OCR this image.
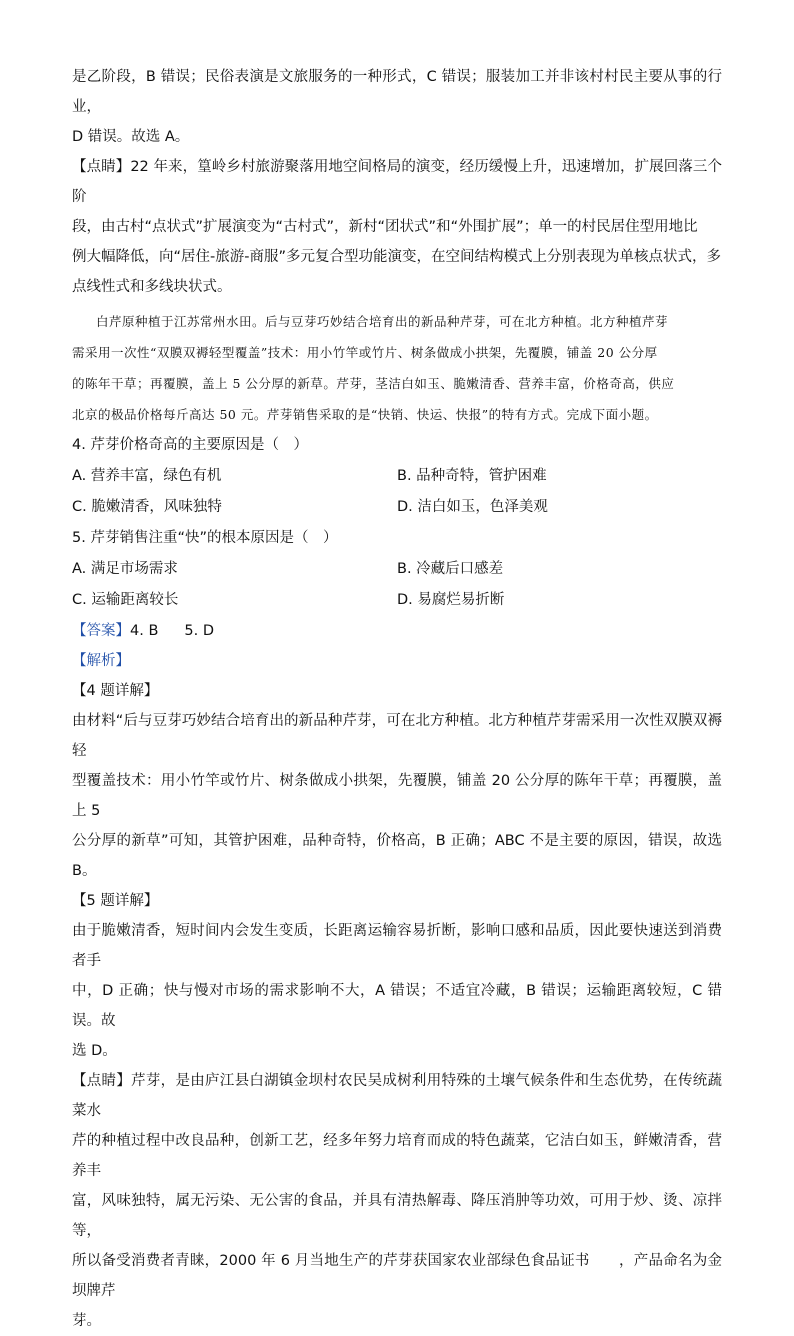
是乙阶段，B 错误；民俗表演是文旅服务的一种形式，C 错误；服装加工并非该村村民主要从事的行业，

D 错误。故选 A。

【点睛】22 年来，篁岭乡村旅游聚落用地空间格局的演变，经历缓慢上升，迅速增加，扩展回落三个阶

段，由古村“点状式”扩展演变为“古村式”，新村“团状式”和“外围扩展”；单一的村民居住型用地比

例大幅降低，向“居住-旅游-商服”多元复合型功能演变，在空间结构模式上分别表现为单核点状式，多

点线性式和多线块状式。

白芹原种植于江苏常州水田。后与豆芽巧妙结合培育出的新品种芹芽，可在北方种植。北方种植芹芽

需采用一次性“双膜双褥轻型覆盖”技术：用小竹竿或竹片、树条做成小拱架，先覆膜，铺盖 20 公分厚

的陈年干草；再覆膜，盖上 5 公分厚的新草。芹芽，茎洁白如玉、脆嫩清香、营养丰富，价格奇高，供应

北京的极品价格每斤高达 50 元。芹芽销售采取的是“快销、快运、快报”的特有方式。完成下面小题。

4. 芹芽价格奇高的主要原因是（　）

A. 营养丰富，绿色有机	B. 品种奇特，管护困难
C. 脆嫩清香，风味独特	D. 洁白如玉，色泽美观

5. 芹芽销售注重“快”的根本原因是（　）

A. 满足市场需求	B. 冷藏后口感差
C. 运输距离较长	D. 易腐烂易折断

【答案】4. B 5. D

【解析】

【4 题详解】

由材料“后与豆芽巧妙结合培育出的新品种芹芽，可在北方种植。北方种植芹芽需采用一次性双膜双褥轻

型覆盖技术：用小竹竿或竹片、树条做成小拱架，先覆膜，铺盖 20 公分厚的陈年干草；再覆膜，盖上 5

公分厚的新草”可知，其管护困难，品种奇特，价格高，B 正确；ABC 不是主要的原因，错误，故选 B。

【5 题详解】

由于脆嫩清香，短时间内会发生变质，长距离运输容易折断，影响口感和品质，因此要快速送到消费者手

中，D 正确；快与慢对市场的需求影响不大，A 错误；不适宜冷藏，B 错误；运输距离较短，C 错误。故

选 D。

【点睛】芹芽，是由庐江县白湖镇金坝村农民吴成树利用特殊的土壤气候条件和生态优势，在传统蔬菜水

芹的种植过程中改良品种，创新工艺，经多年努力培育而成的特色蔬菜，它洁白如玉，鲜嫩清香，营养丰

富，风味独特，属无污染、无公害的食品，并具有清热解毒、降压消肿等功效，可用于炒、烫、凉拌等，

所以备受消费者青睐，2000 年 6 月当地生产的芹芽获国家农业部绿色食品证书　　，产品命名为金坝牌芹

芽。
